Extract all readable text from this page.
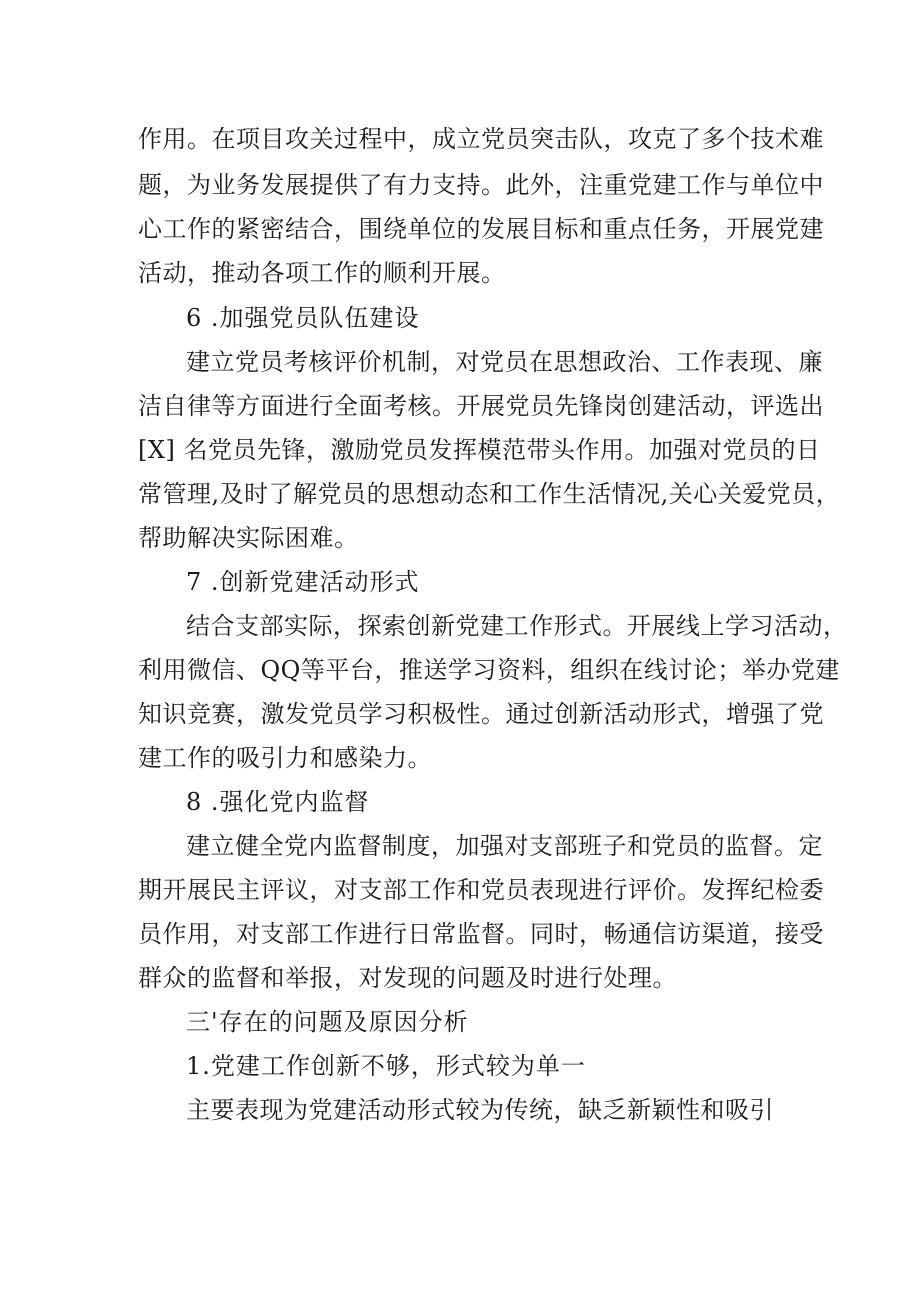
作用。在项目攻关过程中，成立党员突击队，攻克了多个技术难
题，为业务发展提供了有力支持。此外，注重党建工作与单位中
心工作的紧密结合，围绕单位的发展目标和重点任务，开展党建
活动，推动各项工作的顺利开展。
6 .加强党员队伍建设
建立党员考核评价机制，对党员在思想政治、工作表现、廉
洁自律等方面进行全面考核。开展党员先锋岗创建活动，评选出
[X] 名党员先锋，激励党员发挥模范带头作用。加强对党员的日
常管理,及时了解党员的思想动态和工作生活情况,关心关爱党员，
帮助解决实际困难。
7 .创新党建活动形式
结合支部实际，探索创新党建工作形式。开展线上学习活动，
利用微信、QQ等平台，推送学习资料，组织在线讨论；举办党建
知识竞赛，激发党员学习积极性。通过创新活动形式，增强了党
建工作的吸引力和感染力。
8 .强化党内监督
建立健全党内监督制度，加强对支部班子和党员的监督。定
期开展民主评议，对支部工作和党员表现进行评价。发挥纪检委
员作用，对支部工作进行日常监督。同时，畅通信访渠道，接受
群众的监督和举报，对发现的问题及时进行处理。
三'存在的问题及原因分析
1.党建工作创新不够，形式较为单一
主要表现为党建活动形式较为传统，缺乏新颖性和吸引
